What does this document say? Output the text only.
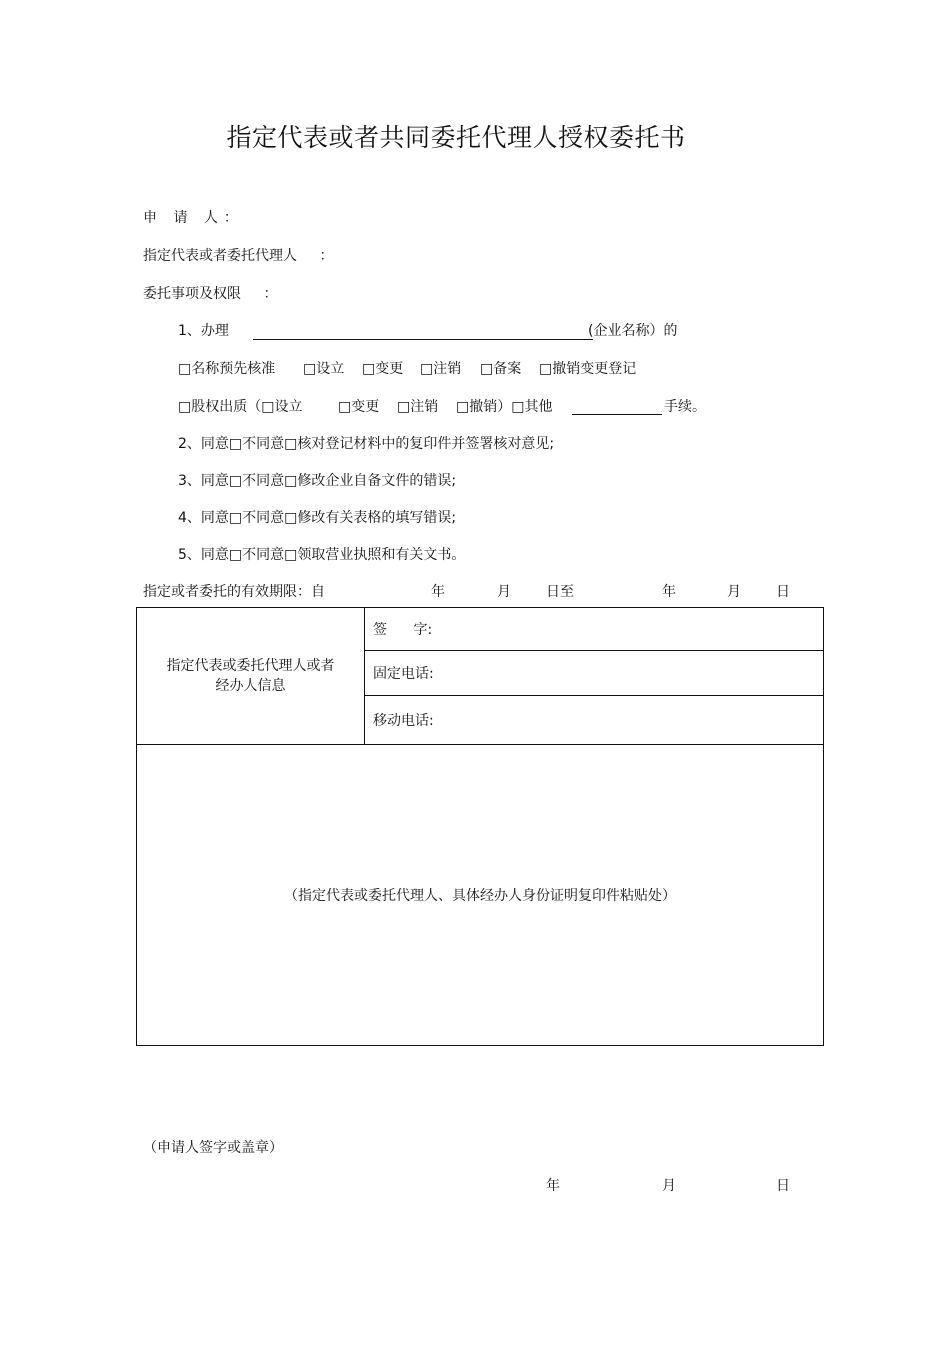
指定代表或者共同委托代理人授权委托书
申 请 人：
指定代表或者委托代理人 ：
委托事项及权限 ：
1、办理	(企业名称）的
□名称预先核准 □设立 □变更 □注销 □备案 □撤销变更登记
□股权出质（□设立	□变更 □注销 □撤销）□其他	手续。
2、同意□不同意□核对登记材料中的复印件并签署核对意见;
3、同意□不同意□修改企业自备文件的错误;
4、同意□不同意□修改有关表格的填写错误;
5、同意□不同意□领取营业执照和有关文书。
指定或者委托的有效期限：自	年	月	日至	年	月	日
指定代表或委托代理人或者
经办人信息
	签 字:
固定电话:
移动电话:
（指定代表或委托代理人、具体经办人身份证明复印件粘贴处）
（申请人签字或盖章）
年	月	日
